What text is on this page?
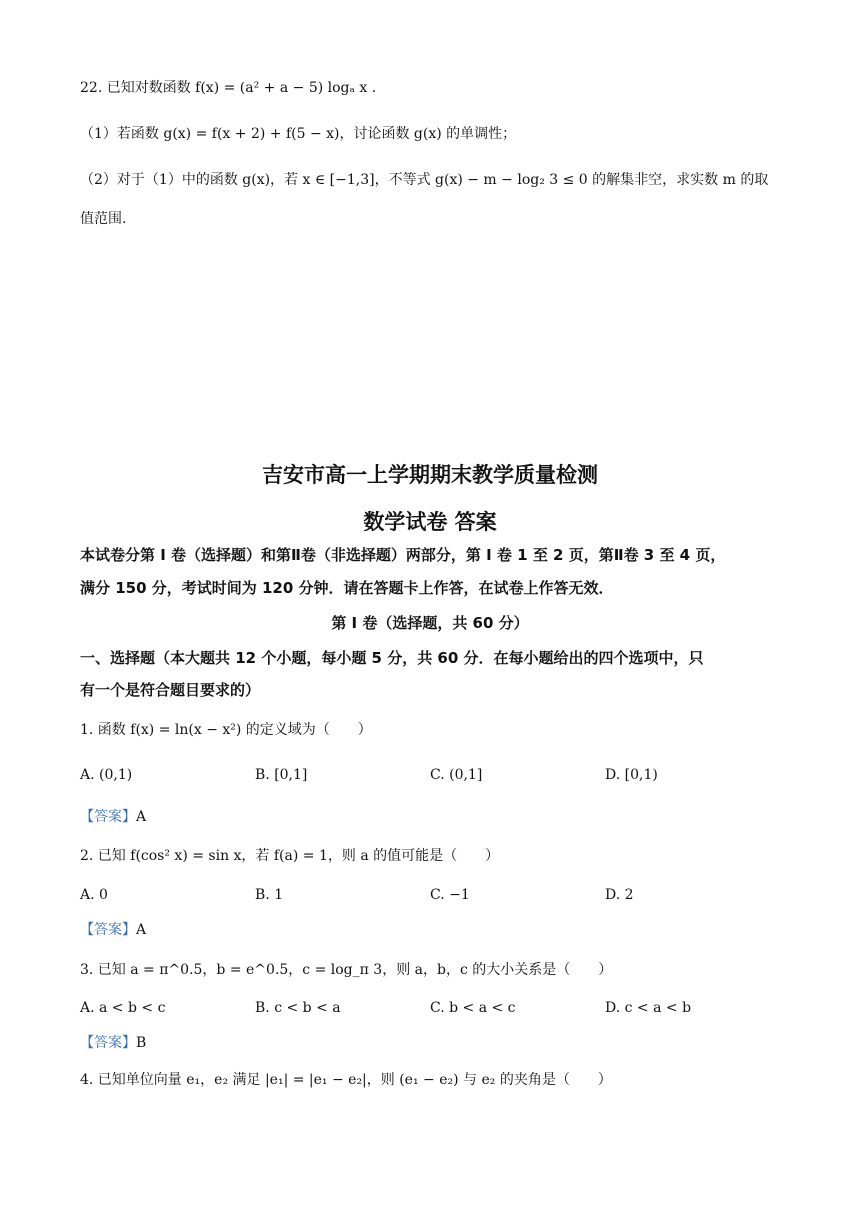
22. 已知对数函数 f(x) = (a² + a − 5) logₐ x .
（1）若函数 g(x) = f(x + 2) + f(5 − x)，讨论函数 g(x) 的单调性；
（2）对于（1）中的函数 g(x)，若 x ∈ [−1,3]，不等式 g(x) − m − log₂ 3 ≤ 0 的解集非空，求实数 m 的取
值范围.
吉安市高一上学期期末教学质量检测
数学试卷 答案
本试卷分第 I 卷（选择题）和第Ⅱ卷（非选择题）两部分，第 I 卷 1 至 2 页，第Ⅱ卷 3 至 4 页，
满分 150 分，考试时间为 120 分钟．请在答题卡上作答，在试卷上作答无效．
第 I 卷（选择题，共 60 分）
一、选择题（本大题共 12 个小题，每小题 5 分，共 60 分．在每小题给出的四个选项中，只
有一个是符合题目要求的）
1. 函数 f(x) = ln(x − x²) 的定义域为（　　）
A. (0,1)	B. [0,1]	C. (0,1]	D. [0,1)
【答案】A
2. 已知 f(cos² x) = sin x，若 f(a) = 1，则 a 的值可能是（　　）
A. 0	B. 1	C. −1	D. 2
【答案】A
3. 已知 a = π^0.5，b = e^0.5，c = log_π 3，则 a，b，c 的大小关系是（　　）
A. a < b < c	B. c < b < a	C. b < a < c	D. c < a < b
【答案】B
4. 已知单位向量 e₁，e₂ 满足 |e₁| = |e₁ − e₂|，则 (e₁ − e₂) 与 e₂ 的夹角是（　　）
